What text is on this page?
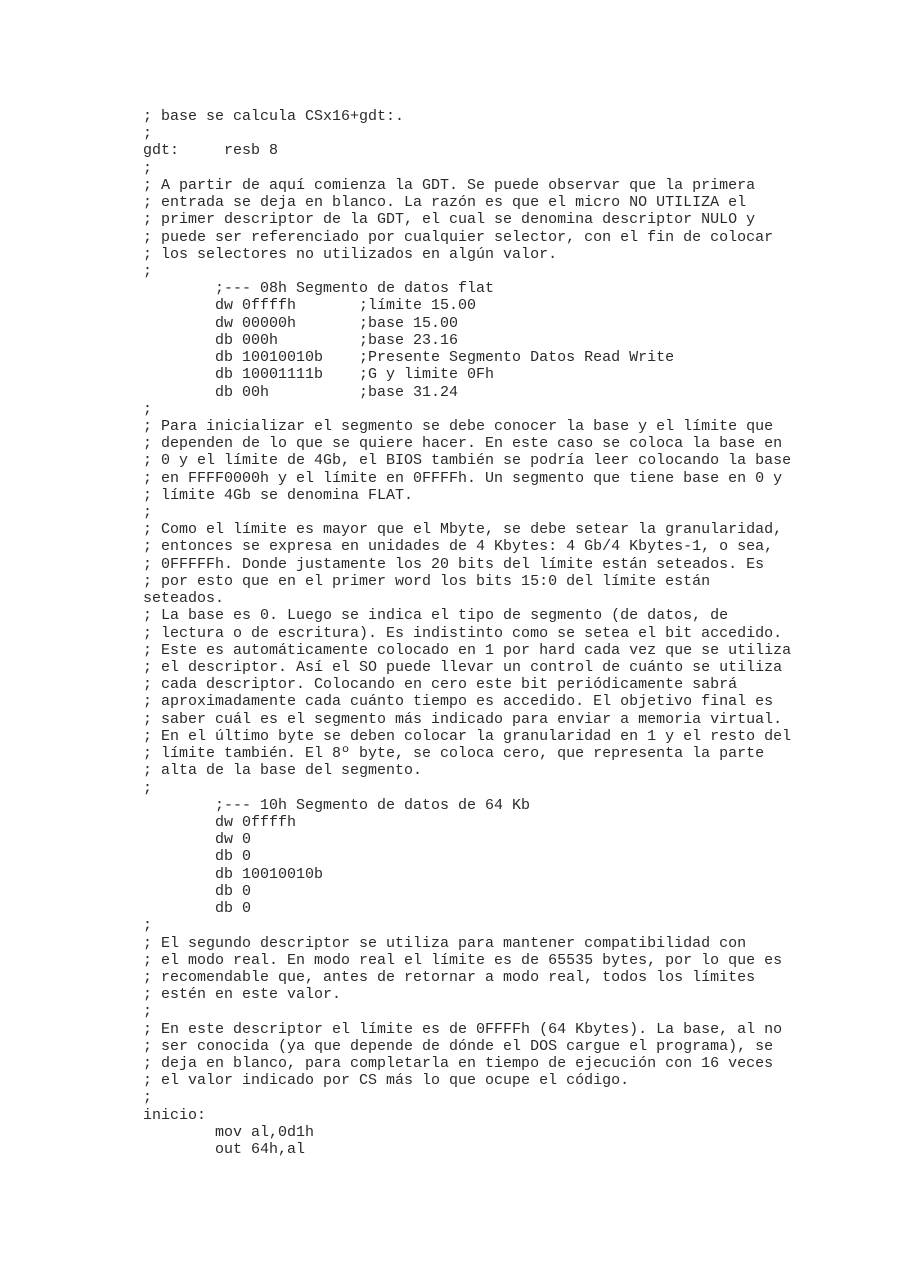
; base se calcula CSx16+gdt:.
;
gdt:     resb 8
;
; A partir de aquí comienza la GDT. Se puede observar que la primera
; entrada se deja en blanco. La razón es que el micro NO UTILIZA el
; primer descriptor de la GDT, el cual se denomina descriptor NULO y
; puede ser referenciado por cualquier selector, con el fin de colocar
; los selectores no utilizados en algún valor.
;
;--- 08h Segmento de datos flat
dw 0ffffh       ;límite 15.00
dw 00000h       ;base 15.00
db 000h         ;base 23.16
db 10010010b    ;Presente Segmento Datos Read Write
db 10001111b    ;G y limite 0Fh
db 00h          ;base 31.24
;
; Para inicializar el segmento se debe conocer la base y el límite que
; dependen de lo que se quiere hacer. En este caso se coloca la base en
; 0 y el límite de 4Gb, el BIOS también se podría leer colocando la base
; en FFFF0000h y el límite en 0FFFFh. Un segmento que tiene base en 0 y
; límite 4Gb se denomina FLAT.
;
; Como el límite es mayor que el Mbyte, se debe setear la granularidad,
; entonces se expresa en unidades de 4 Kbytes: 4 Gb/4 Kbytes-1, o sea,
; 0FFFFFh. Donde justamente los 20 bits del límite están seteados. Es
; por esto que en el primer word los bits 15:0 del límite están
seteados.
; La base es 0. Luego se indica el tipo de segmento (de datos, de
; lectura o de escritura). Es indistinto como se setea el bit accedido.
; Este es automáticamente colocado en 1 por hard cada vez que se utiliza
; el descriptor. Así el SO puede llevar un control de cuánto se utiliza
; cada descriptor. Colocando en cero este bit periódicamente sabrá
; aproximadamente cada cuánto tiempo es accedido. El objetivo final es
; saber cuál es el segmento más indicado para enviar a memoria virtual.
; En el último byte se deben colocar la granularidad en 1 y el resto del
; límite también. El 8º byte, se coloca cero, que representa la parte
; alta de la base del segmento.
;
;--- 10h Segmento de datos de 64 Kb
dw 0ffffh
dw 0
db 0
db 10010010b
db 0
db 0
;
; El segundo descriptor se utiliza para mantener compatibilidad con
; el modo real. En modo real el límite es de 65535 bytes, por lo que es
; recomendable que, antes de retornar a modo real, todos los límites
; estén en este valor.
;
; En este descriptor el límite es de 0FFFFh (64 Kbytes). La base, al no
; ser conocida (ya que depende de dónde el DOS cargue el programa), se
; deja en blanco, para completarla en tiempo de ejecución con 16 veces
; el valor indicado por CS más lo que ocupe el código.
;
inicio:
mov al,0d1h
out 64h,al
